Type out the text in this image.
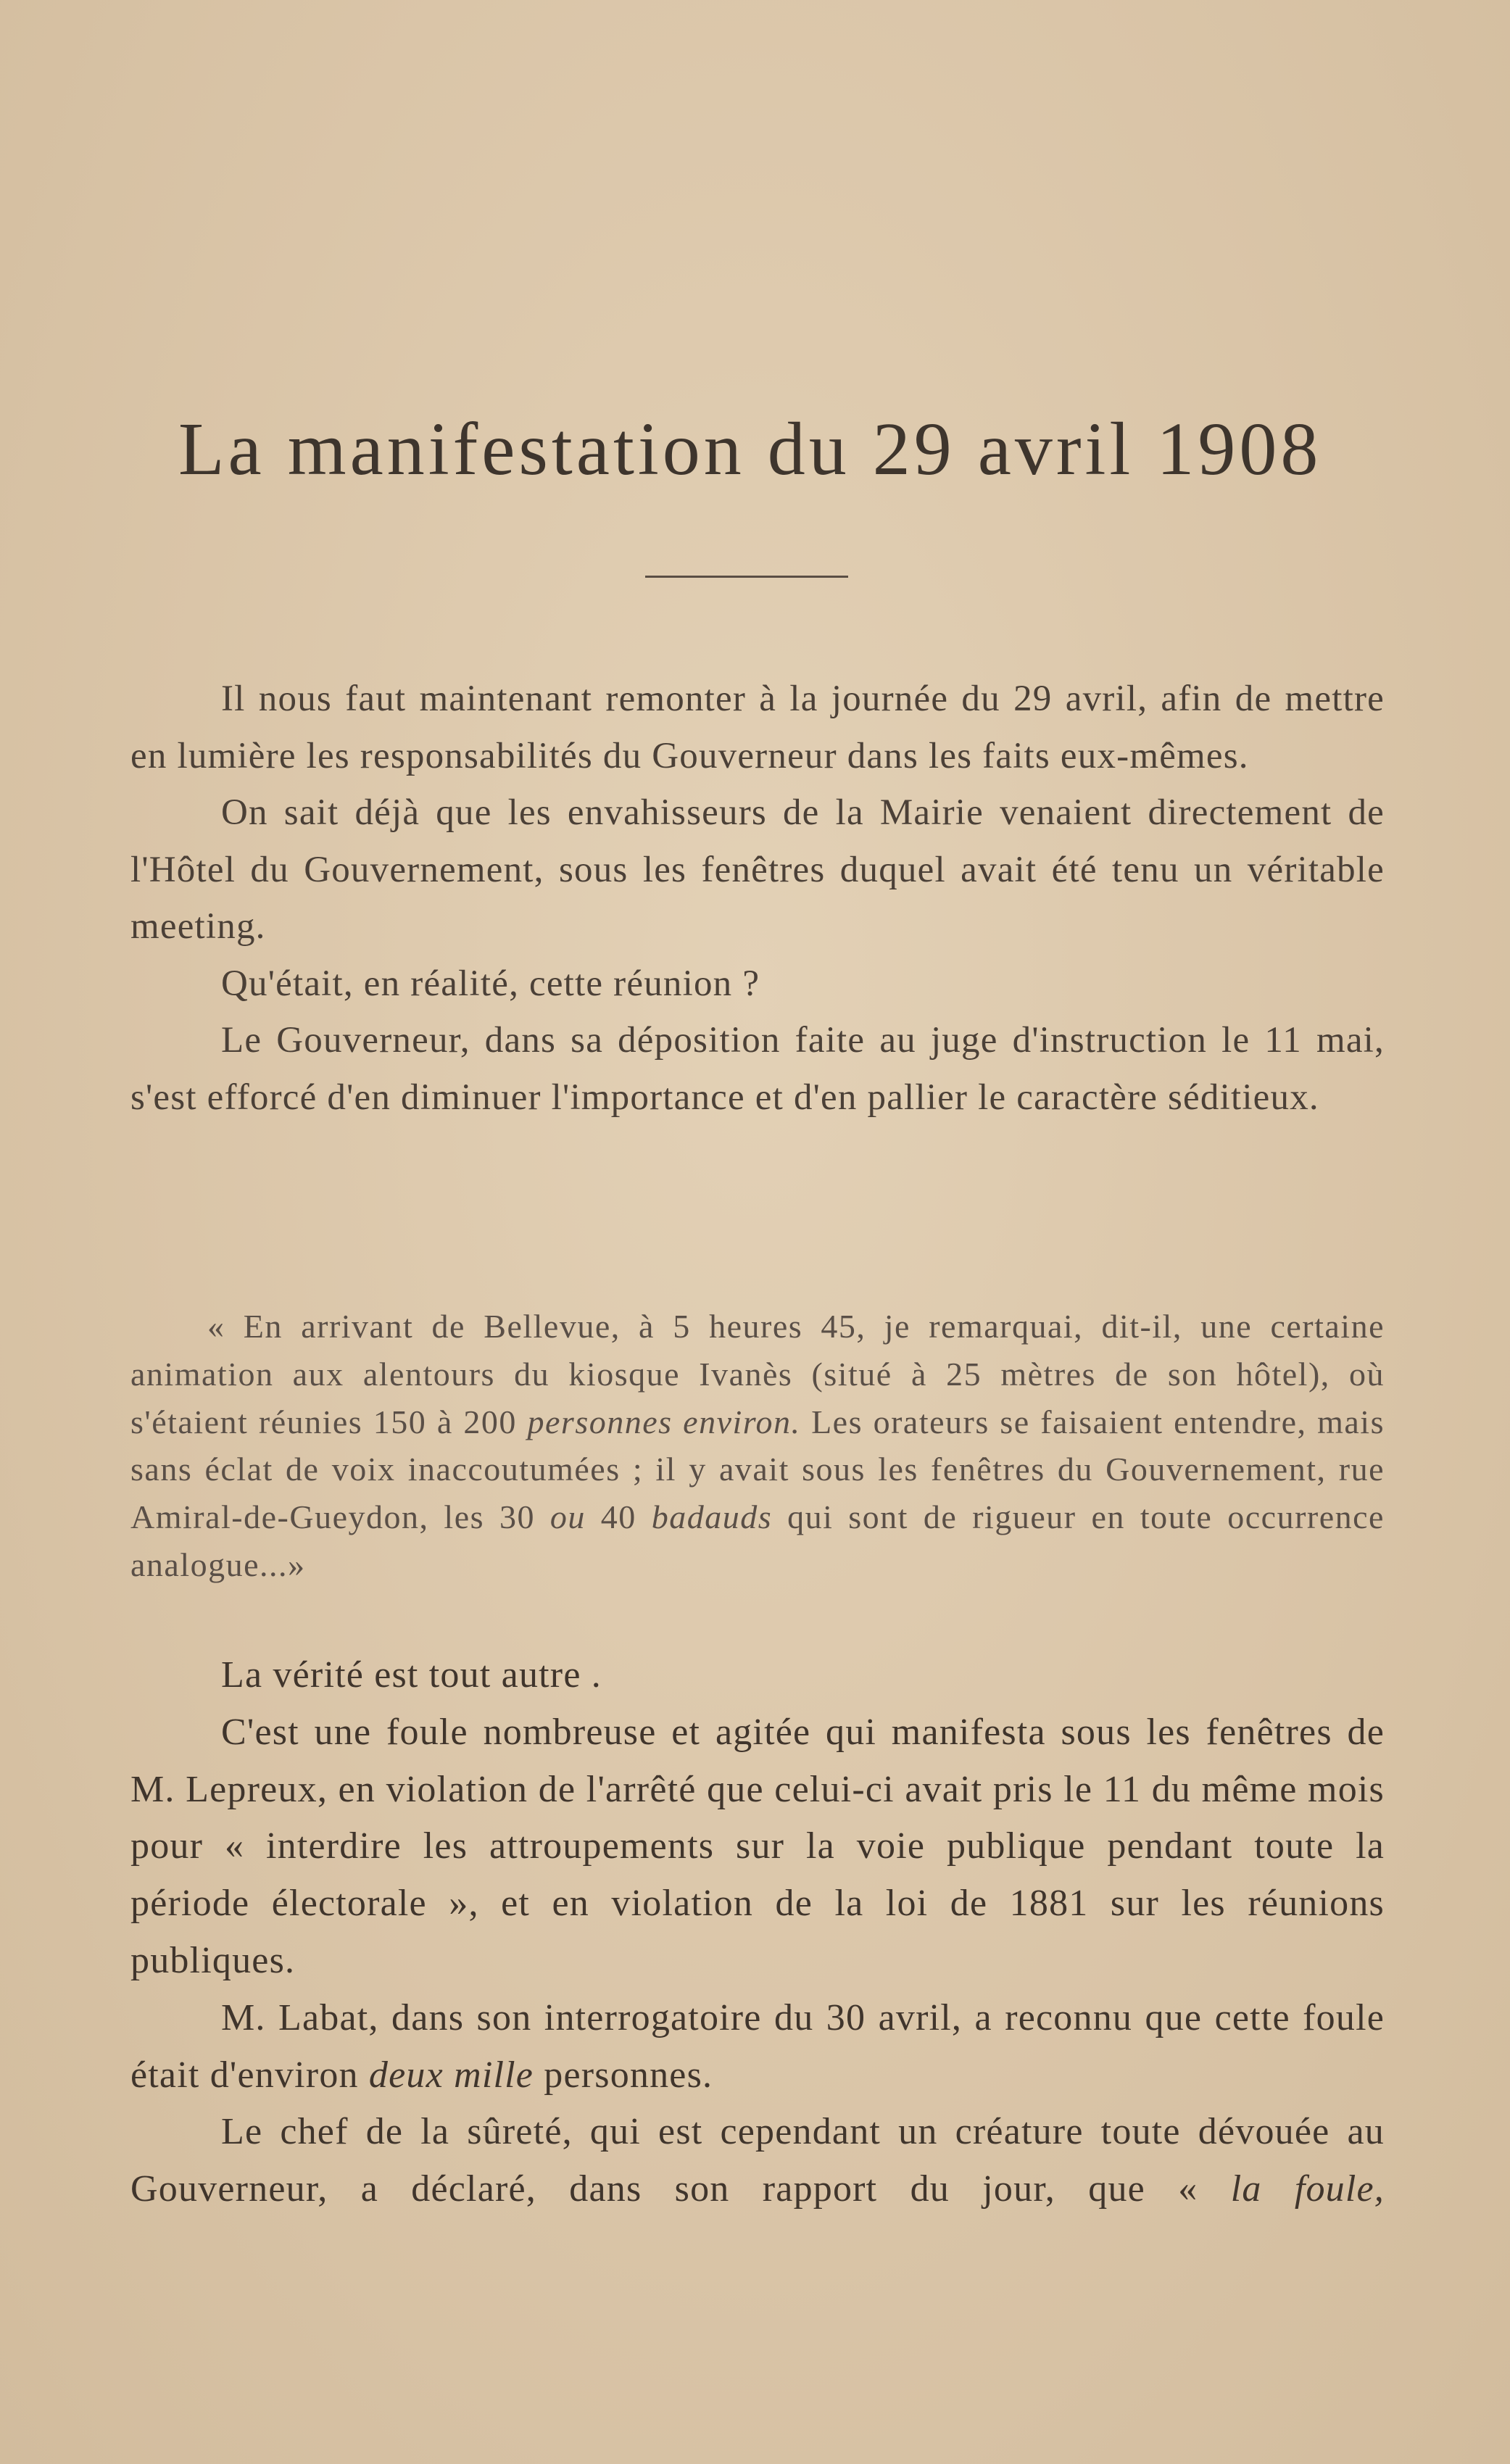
La manifestation du 29 avril 1908

Il nous faut maintenant remonter à la journée du 29 avril, afin de mettre en lumière les responsabilités du Gouverneur dans les faits eux-mêmes.

On sait déjà que les envahisseurs de la Mairie venaient directement de l'Hôtel du Gouvernement, sous les fenêtres duquel avait été tenu un véritable meeting.

Qu'était, en réalité, cette réunion ?

Le Gouverneur, dans sa déposition faite au juge d'instruction le 11 mai, s'est efforcé d'en diminuer l'importance et d'en pallier le caractère séditieux.

« En arrivant de Bellevue, à 5 heures 45, je remarquai, dit-il, une certaine animation aux alentours du kiosque Ivanès (situé à 25 mètres de son hôtel), où s'étaient réunies 150 à 200 personnes environ. Les orateurs se faisaient entendre, mais sans éclat de voix inaccoutumées ; il y avait sous les fenêtres du Gouvernement, rue Amiral-de-Gueydon, les 30 ou 40 badauds qui sont de rigueur en toute occurrence analogue...»

La vérité est tout autre .

C'est une foule nombreuse et agitée qui manifesta sous les fenêtres de M. Lepreux, en violation de l'arrêté que celui-ci avait pris le 11 du même mois pour « interdire les attroupements sur la voie publique pendant toute la période électorale », et en violation de la loi de 1881 sur les réunions publiques.

M. Labat, dans son interrogatoire du 30 avril, a reconnu que cette foule était d'environ deux mille personnes.

Le chef de la sûreté, qui est cependant un créature toute dévouée au Gouverneur, a déclaré, dans son rapport du jour, que « la foule,
